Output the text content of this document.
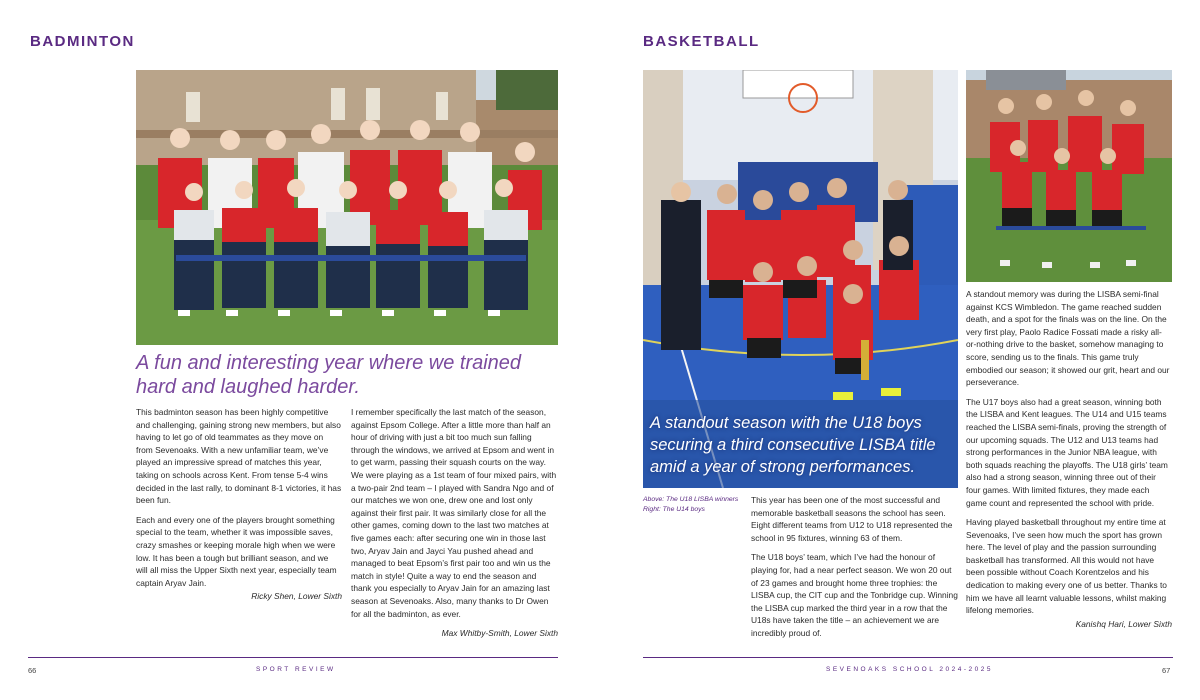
BADMINTON
A fun and interesting year where we trained hard and laughed harder.

This badminton season has been highly competitive and challenging, gaining strong new members, but also having to let go of old teammates as they move on from Sevenoaks. With a new unfamiliar team, we’ve played an impressive spread of matches this year, taking on schools across Kent. From tense 5-4 wins decided in the last rally, to dominant 8-1 victories, it has been fun.

Each and every one of the players brought something special to the team, whether it was impossible saves, crazy smashes or keeping morale high when we were low. It has been a tough but brilliant season, and we will all miss the Upper Sixth next year, especially team captain Aryav Jain.

Ricky Shen, Lower Sixth

I remember specifically the last match of the season, against Epsom College. After a little more than half an hour of driving with just a bit too much sun falling through the windows, we arrived at Epsom and went in to get warm, passing their squash courts on the way. We were playing as a 1st team of four mixed pairs, with a two-pair 2nd team – I played with Sandra Ngo and of our matches we won one, drew one and lost only against their first pair. It was similarly close for all the other games, coming down to the last two matches at five games each: after securing one win in those last two, Aryav Jain and Jayci Yau pushed ahead and managed to beat Epsom’s first pair too and win us the match in style! Quite a way to end the season and thank you especially to Aryav Jain for an amazing last season at Sevenoaks. Also, many thanks to Dr Owen for all the badminton, as ever.

Max Whitby-Smith, Lower Sixth
66	SPORT REVIEW
BASKETBALL
A standout season with the U18 boys securing a third consecutive LISBA title amid a year of strong performances.
Above: The U18 LISBA winners
Right: The U14 boys

This year has been one of the most successful and memorable basketball seasons the school has seen. Eight different teams from U12 to U18 represented the school in 95 fixtures, winning 63 of them.

The U18 boys’ team, which I’ve had the honour of playing for, had a near perfect season. We won 20 out of 23 games and brought home three trophies: the LISBA cup, the CIT cup and the Tonbridge cup. Winning the LISBA cup marked the third year in a row that the U18s have taken the title – an achievement we are incredibly proud of.

A standout memory was during the LISBA semi-final against KCS Wimbledon. The game reached sudden death, and a spot for the finals was on the line. On the very first play, Paolo Radice Fossati made a risky all-or-nothing drive to the basket, somehow managing to score, sending us to the finals. This game truly embodied our season; it showed our grit, heart and our perseverance.

The U17 boys also had a great season, winning both the LISBA and Kent leagues. The U14 and U15 teams reached the LISBA semi-finals, proving the strength of our upcoming squads. The U12 and U13 teams had strong performances in the Junior NBA league, with both squads reaching the playoffs. The U18 girls’ team also had a strong season, winning three out of their four games. With limited fixtures, they made each game count and represented the school with pride.

Having played basketball throughout my entire time at Sevenoaks, I’ve seen how much the sport has grown here. The level of play and the passion surrounding basketball has transformed. All this would not have been possible without Coach Korentzelos and his dedication to making every one of us better. Thanks to him we have all learnt valuable lessons, whilst making lifelong memories.

Kanishq Hari, Lower Sixth
SEVENOAKS SCHOOL 2024-2025	67
